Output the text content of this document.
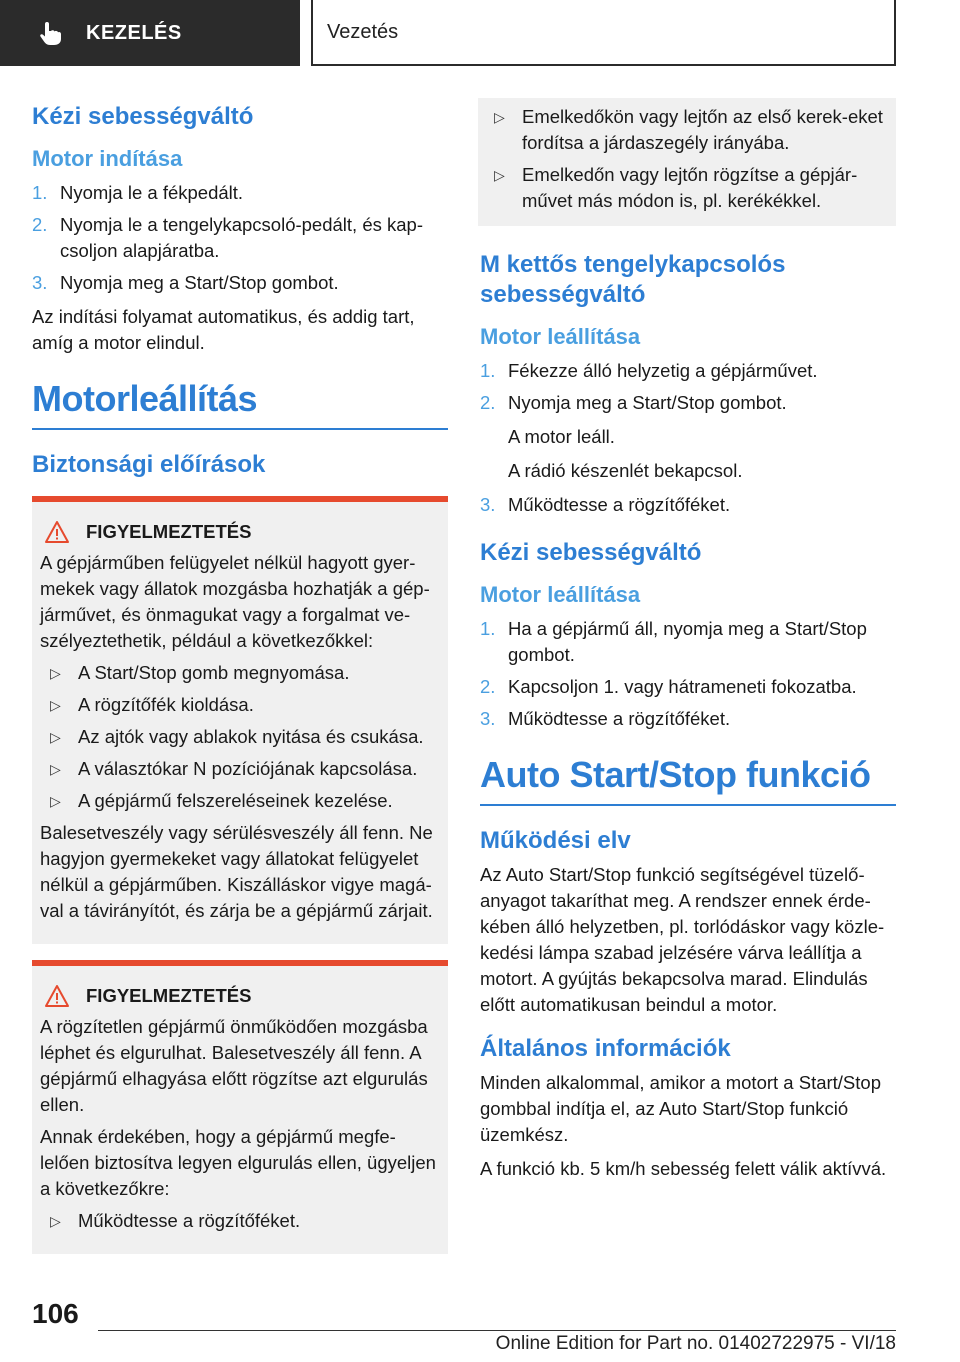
KEZELÉS	Vezetés
Kézi sebességváltó
Motor indítása
1. Nyomja le a fékpedált.
2. Nyomja le a tengelykapcsoló-pedált, és kap-
csoljon alapjáratba.
3. Nyomja meg a Start/Stop gombot.

Az indítási folyamat automatikus, és addig tart, amíg a motor elindul.

Motorleállítás
Biztonsági előírások
FIGYELMEZTETÉS

A gépjárműben felügyelet nélkül hagyott gyer-mekek vagy állatok mozgásba hozhatják a gép-járművet, és önmagukat vagy a forgalmat ve-szélyeztethetik, például a következőkkel:

▷ A Start/Stop gomb megnyomása.
▷ A rögzítőfék kioldása.
▷ Az ajtók vagy ablakok nyitása és csukása.
▷ A választókar N pozíciójának kapcsolása.
▷ A gépjármű felszereléseinek kezelése.

Balesetveszély vagy sérülésveszély áll fenn. Ne hagyjon gyermekeket vagy állatokat felügyelet nélkül a gépjárműben. Kiszálláskor vigye magá-val a távirányítót, és zárja be a gépjármű zárjait.

FIGYELMEZTETÉS

A rögzítetlen gépjármű önműködően mozgásba léphet és elgurulhat. Balesetveszély áll fenn. A gépjármű elhagyása előtt rögzítse azt elgurulás ellen.

Annak érdekében, hogy a gépjármű megfe-lelően biztosítva legyen elgurulás ellen, ügyeljen a következőkre:

▷ Működtesse a rögzítőféket.
▷ Emelkedőkön vagy lejtőn az első kerek-eket fordítsa a járdaszegély irányába.
▷ Emelkedőn vagy lejtőn rögzítse a gépjár-művet más módon is, pl. kerékékkel.
M kettős tengelykapcsolós sebességváltó
Motor leállítása
1. Fékezze álló helyzetig a gépjárművet.
2. Nyomja meg a Start/Stop gombot.
A motor leáll.
A rádió készenlét bekapcsol.
3. Működtesse a rögzítőféket.
Kézi sebességváltó
Motor leállítása
1. Ha a gépjármű áll, nyomja meg a Start/Stop
gombot.
2. Kapcsoljon 1. vagy hátrameneti fokozatba.
3. Működtesse a rögzítőféket.
Auto Start/Stop funkció
Működési elv

Az Auto Start/Stop funkció segítségével tüzelő-anyagot takaríthat meg. A rendszer ennek érde-kében álló helyzetben, pl. torlódáskor vagy közle-kedési lámpa szabad jelzésére várva leállítja a motort. A gyújtás bekapcsolva marad. Elindulás előtt automatikusan beindul a motor.

Általános információk

Minden alkalommal, amikor a motort a Start/Stop gombbal indítja el, az Auto Start/Stop funkció üzemkész.

A funkció kb. 5 km/h sebesség felett válik aktívvá.

106
Online Edition for Part no. 01402722975 - VI/18
